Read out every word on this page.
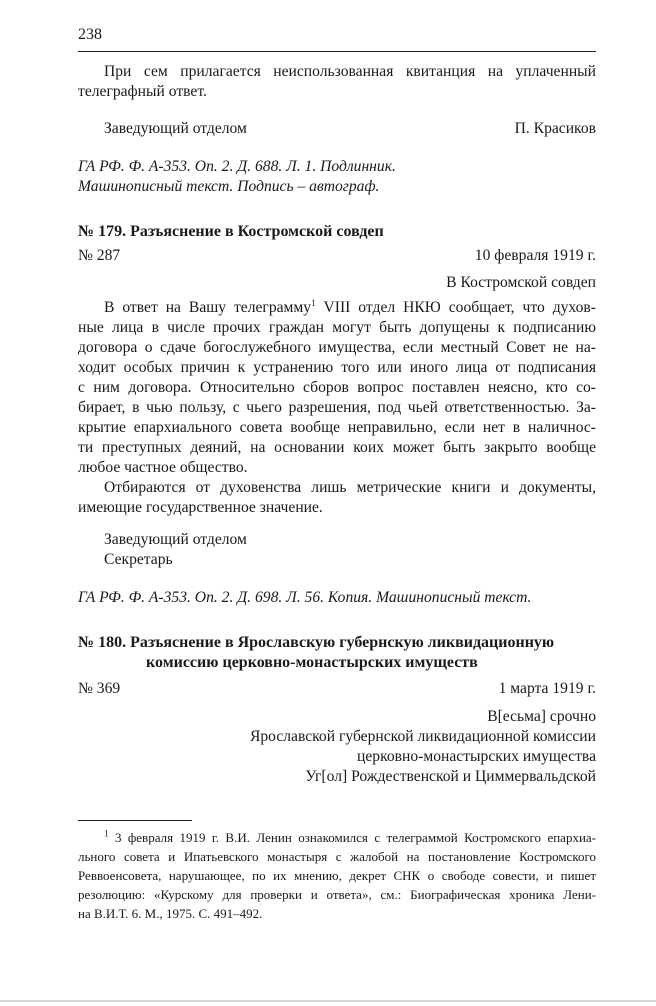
238
При сем прилагается неиспользованная квитанция на уплаченный
телеграфный ответ.
Заведующий отделом	П. Красиков
ГА РФ. Ф. А-353. Оп. 2. Д. 688. Л. 1. Подлинник.
Машинописный текст. Подпись – автограф.
№ 179. Разъяснение в Костромской совдеп
№ 287	10 февраля 1919 г.
В Костромской совдеп
В ответ на Вашу телеграмму$^1$ VIII отдел НКЮ сообщает, что духов-
ные лица в числе прочих граждан могут быть допущены к подписанию
договора о сдаче богослужебного имущества, если местный Совет не на-
ходит особых причин к устранению того или иного лица от подписания
с ним договора. Относительно сборов вопрос поставлен неясно, кто со-
бирает, в чью пользу, с чьего разрешения, под чьей ответственностью. За-
крытие епархиального совета вообще неправильно, если нет в наличнос-
ти преступных деяний, на основании коих может быть закрыто вообще
любое частное общество.
Отбираются от духовенства лишь метрические книги и документы,
имеющие государственное значение.
Заведующий отделом
Секретарь
ГА РФ. Ф. А-353. Оп. 2. Д. 698. Л. 56. Копия. Машинописный текст.
№ 180. Разъяснение в Ярославскую губернскую ликвидационную
комиссию церковно-монастырских имуществ
№ 369	1 марта 1919 г.
В[есьма] срочно
Ярославской губернской ликвидационной комиссии
церковно-монастырских имущества
Уг[ол] Рождественской и Циммервальдской
$^1$ 3 февраля 1919 г. В.И. Ленин ознакомился с телеграммой Костромского епархиа-
льного совета и Ипатьевского монастыря с жалобой на постановление Костромского
Реввоенсовета, нарушающее, по их мнению, декрет СНК о свободе совести, и пишет
резолюцию: «Курскому для проверки и ответа», см.: Биографическая хроника Лени-
на В.И.Т. 6. М., 1975. С. 491–492.
